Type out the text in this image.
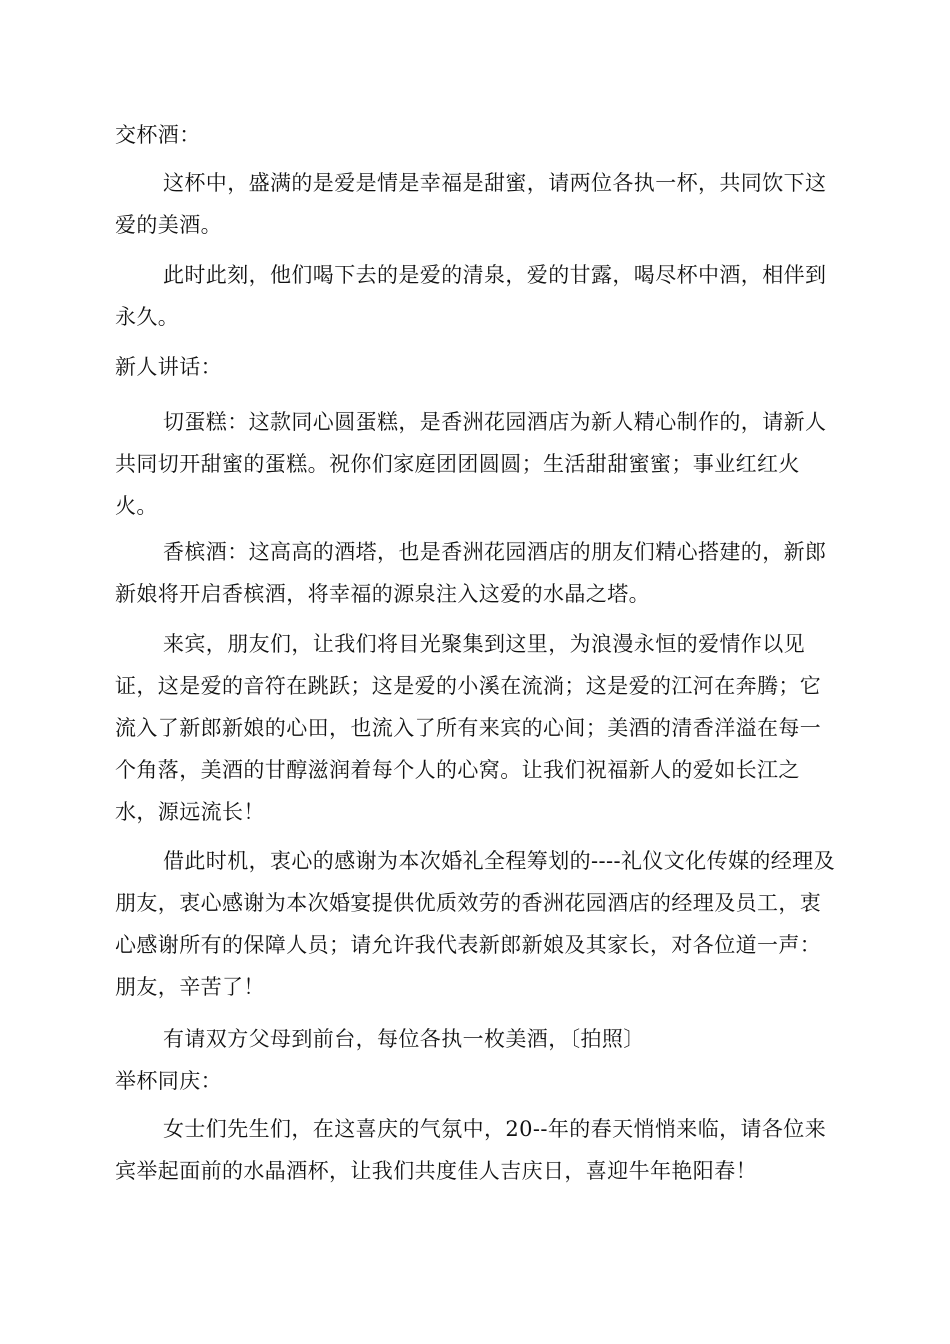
交杯酒：

这杯中，盛满的是爱是情是幸福是甜蜜，请两位各执一杯，共同饮下这爱的美酒。

此时此刻，他们喝下去的是爱的清泉，爱的甘露，喝尽杯中酒，相伴到永久。

新人讲话：

切蛋糕：这款同心圆蛋糕，是香洲花园酒店为新人精心制作的，请新人共同切开甜蜜的蛋糕。祝你们家庭团团圆圆；生活甜甜蜜蜜；事业红红火火。

香槟酒：这高高的酒塔，也是香洲花园酒店的朋友们精心搭建的，新郎新娘将开启香槟酒，将幸福的源泉注入这爱的水晶之塔。

来宾，朋友们，让我们将目光聚集到这里，为浪漫永恒的爱情作以见证，这是爱的音符在跳跃；这是爱的小溪在流淌；这是爱的江河在奔腾；它流入了新郎新娘的心田，也流入了所有来宾的心间；美酒的清香洋溢在每一个角落，美酒的甘醇滋润着每个人的心窝。让我们祝福新人的爱如长江之水，源远流长！

借此时机，衷心的感谢为本次婚礼全程筹划的----礼仪文化传媒的经理及朋友，衷心感谢为本次婚宴提供优质效劳的香洲花园酒店的经理及员工，衷心感谢所有的保障人员；请允许我代表新郎新娘及其家长，对各位道一声：朋友，辛苦了！

有请双方父母到前台，每位各执一枚美酒，〔拍照〕

举杯同庆：

女士们先生们，在这喜庆的气氛中，20--年的春天悄悄来临，请各位来宾举起面前的水晶酒杯，让我们共度佳人吉庆日，喜迎牛年艳阳春！
